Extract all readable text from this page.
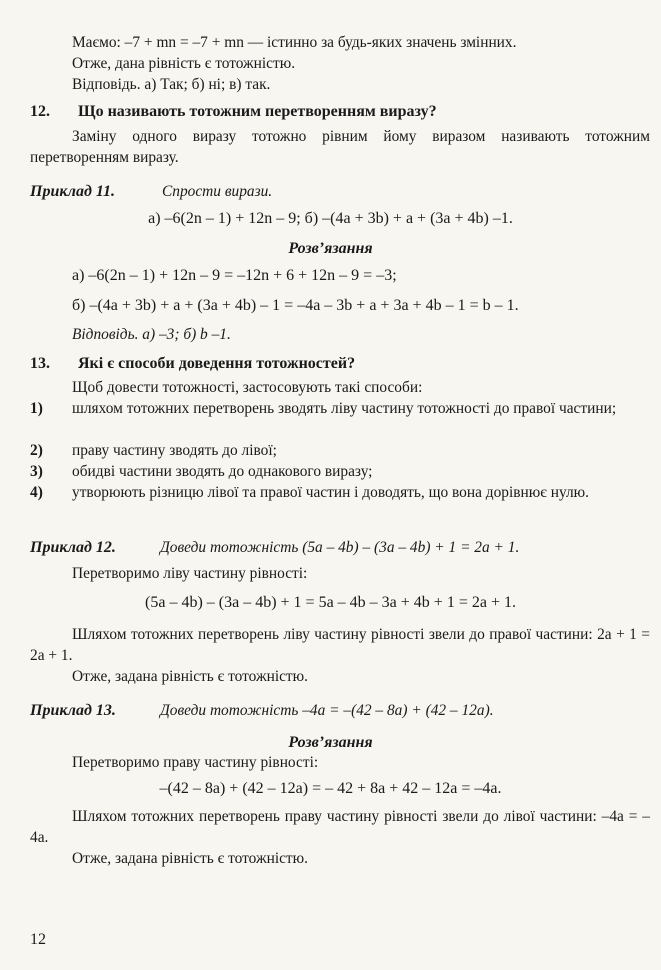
Маємо: –7 + mn = –7 + mn — істинно за будь-яких значень змінних.
Отже, дана рівність є тотожністю.
Відповідь. а) Так; б) ні; в) так.
12. Що називають тотожним перетворенням виразу?
Заміну одного виразу тотожно рівним йому виразом називають тотожним перетворенням виразу.
Приклад 11.	Спрости вирази.
а) –6(2n – 1) + 12n – 9; б) –(4a + 3b) + a + (3a + 4b) –1.
Розв’язання
а) –6(2n – 1) + 12n – 9 = –12n + 6 + 12n – 9 = –3;
б) –(4a + 3b) + a + (3a + 4b) – 1 = –4a – 3b + a + 3a + 4b – 1 = b – 1.
Відповідь. а) –3; б) b –1.
13. Які є способи доведення тотожностей?
Щоб довести тотожності, застосовують такі способи:
1) шляхом тотожних перетворень зводять ліву частину тотожності до правої частини;
2) праву частину зводять до лівої;
3) обидві частини зводять до однакового виразу;
4) утворюють різницю лівої та правої частин і доводять, що вона дорівнює нулю.
Приклад 12.	Доведи тотожність (5a – 4b) – (3a – 4b) + 1 = 2a + 1.
Перетворимо ліву частину рівності:
(5a – 4b) – (3a – 4b) + 1 = 5a – 4b – 3a + 4b + 1 = 2a + 1.
Шляхом тотожних перетворень ліву частину рівності звели до правої частини: 2a + 1 = 2a + 1.
Отже, задана рівність є тотожністю.
Приклад 13.	Доведи тотожність –4a = –(42 – 8a) + (42 – 12a).
Розв’язання
Перетворимо праву частину рівності:
–(42 – 8a) + (42 – 12a) = – 42 + 8a + 42 – 12a = –4a.
Шляхом тотожних перетворень праву частину рівності звели до лівої частини: –4a = –4a.
Отже, задана рівність є тотожністю.
12
